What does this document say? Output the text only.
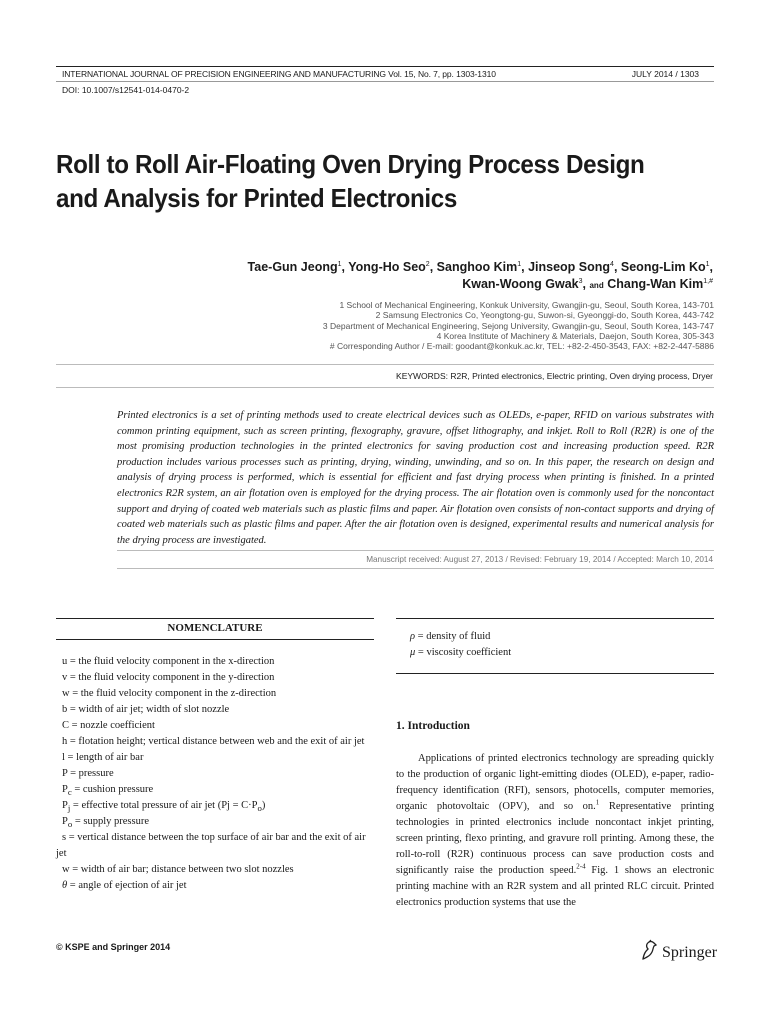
INTERNATIONAL JOURNAL OF PRECISION ENGINEERING AND MANUFACTURING Vol. 15, No. 7, pp. 1303-1310	JULY 2014 / 1303
DOI: 10.1007/s12541-014-0470-2
Roll to Roll Air-Floating Oven Drying Process Design
and Analysis for Printed Electronics
Tae-Gun Jeong$^1$, Yong-Ho Seo$^2$, Sanghoo Kim$^1$, Jinseop Song$^4$, Seong-Lim Ko$^1$,
Kwan-Woong Gwak$^3$, and Chang-Wan Kim$^{1,\#}$
1 School of Mechanical Engineering, Konkuk University, Gwangjin-gu, Seoul, South Korea, 143-701
2 Samsung Electronics Co, Yeongtong-gu, Suwon-si, Gyeonggi-do, South Korea, 443-742
3 Department of Mechanical Engineering, Sejong University, Gwangjin-gu, Seoul, South Korea, 143-747
4 Korea Institute of Machinery & Materials, Daejon, South Korea, 305-343
# Corresponding Author / E-mail: goodant@konkuk.ac.kr, TEL: +82-2-450-3543, FAX: +82-2-447-5886
KEYWORDS: R2R, Printed electronics, Electric printing, Oven drying process, Dryer
Printed electronics is a set of printing methods used to create electrical devices such as OLEDs, e-paper, RFID on various substrates with common printing equipment, such as screen printing, flexography, gravure, offset lithography, and inkjet. Roll to Roll (R2R) is one of the most promising production technologies in the printed electronics for saving production cost and increasing production speed. R2R production includes various processes such as printing, drying, winding, unwinding, and so on. In this paper, the research on design and analysis of drying process is performed, which is essential for efficient and fast drying process when printing is finished. In a printed electronics R2R system, an air flotation oven is employed for the drying process. The air flotation oven is commonly used for the noncontact support and drying of coated web materials such as plastic films and paper. Air flotation oven consists of non-contact supports and drying of coated web materials such as plastic films and paper. After the air flotation oven is designed, experimental results and numerical analysis for the drying process are investigated.
Manuscript received: August 27, 2013 / Revised: February 19, 2014 / Accepted: March 10, 2014
NOMENCLATURE
u = the fluid velocity component in the x-direction
v = the fluid velocity component in the y-direction
w = the fluid velocity component in the z-direction
b = width of air jet; width of slot nozzle
C = nozzle coefficient
h = flotation height; vertical distance between web and the exit of air jet
l = length of air bar
P = pressure
$P_c$ = cushion pressure
$P_j$ = effective total pressure of air jet $(Pj = C\cdot P_o)$
$P_o$ = supply pressure
s = vertical distance between the top surface of air bar and the exit of air jet
w = width of air bar; distance between two slot nozzles
θ = angle of ejection of air jet
ρ = density of fluid
μ = viscosity coefficient
1. Introduction

Applications of printed electronics technology are spreading quickly to the production of organic light-emitting diodes (OLED), e-paper, radio-frequency identification (RFI), sensors, photocells, computer memories, organic photovoltaic (OPV), and so on.$^1$ Representative printing technologies in printed electronics include noncontact inkjet printing, screen printing, flexo printing, and gravure roll printing. Among these, the roll-to-roll (R2R) continuous process can save production costs and significantly raise the production speed.$^{2-4}$ Fig. 1 shows an electronic printing machine with an R2R system and all printed RLC circuit. Printed electronics production systems that use the

© KSPE and Springer 2014	Springer
